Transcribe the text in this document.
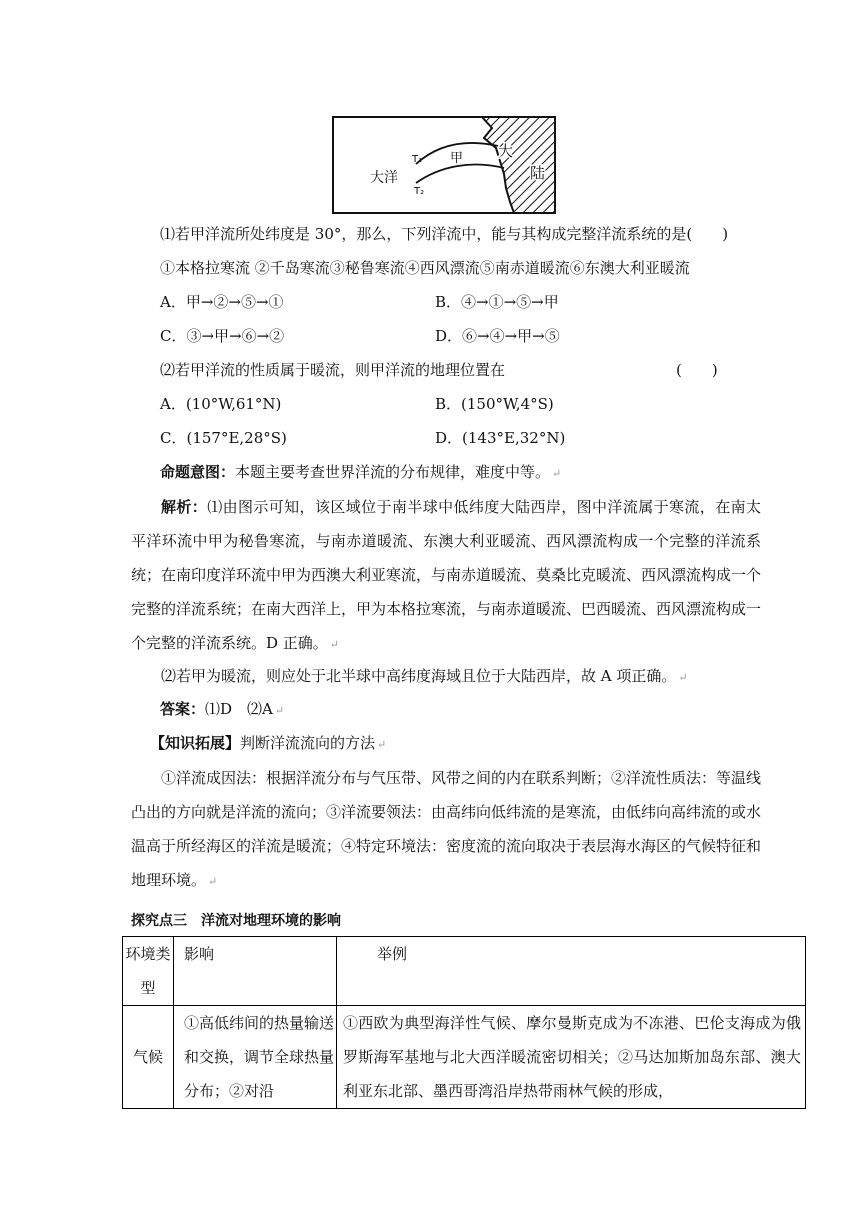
大洋
甲
T₁
T₂
大
陆
⑴若甲洋流所处纬度是 30°，那么，下列洋流中，能与其构成完整洋流系统的是(　　)
①本格拉寒流 ②千岛寒流③秘鲁寒流④西风漂流⑤南赤道暖流⑥东澳大利亚暖流
A．甲→②→⑤→①	B．④→①→⑤→甲
C．③→甲→⑥→②	D．⑥→④→甲→⑤
⑵若甲洋流的性质属于暖流，则甲洋流的地理位置在	(　　)
A．(10°W,61°N)	B．(150°W,4°S)
C．(157°E,28°S)	D．(143°E,32°N)
命题意图：本题主要考查世界洋流的分布规律，难度中等。 ↵
解析：⑴由图示可知，该区域位于南半球中低纬度大陆西岸，图中洋流属于寒流，在南太平洋环流中甲为秘鲁寒流，与南赤道暖流、东澳大利亚暖流、西风漂流构成一个完整的洋流系统；在南印度洋环流中甲为西澳大利亚寒流，与南赤道暖流、莫桑比克暖流、西风漂流构成一个完整的洋流系统；在南大西洋上，甲为本格拉寒流，与南赤道暖流、巴西暖流、西风漂流构成一个完整的洋流系统。D 正确。 ↵
⑵若甲为暖流，则应处于北半球中高纬度海域且位于大陆西岸，故 A 项正确。 ↵
答案：⑴D　⑵A ↵
【知识拓展】判断洋流流向的方法 ↵
①洋流成因法：根据洋流分布与气压带、风带之间的内在联系判断；②洋流性质法：等温线凸出的方向就是洋流的流向；③洋流要领法：由高纬向低纬流的是寒流，由低纬向高纬流的或水温高于所经海区的洋流是暖流；④特定环境法：密度流的流向取决于表层海水海区的气候特征和地理环境。 ↵
探究点三　洋流对地理环境的影响
环境类型	影响	举例
气候	①高低纬间的热量输送和交换，调节全球热量分布；②对沿	①西欧为典型海洋性气候、摩尔曼斯克成为不冻港、巴伦支海成为俄罗斯海军基地与北大西洋暖流密切相关；②马达加斯加岛东部、澳大利亚东北部、墨西哥湾沿岸热带雨林气候的形成，
